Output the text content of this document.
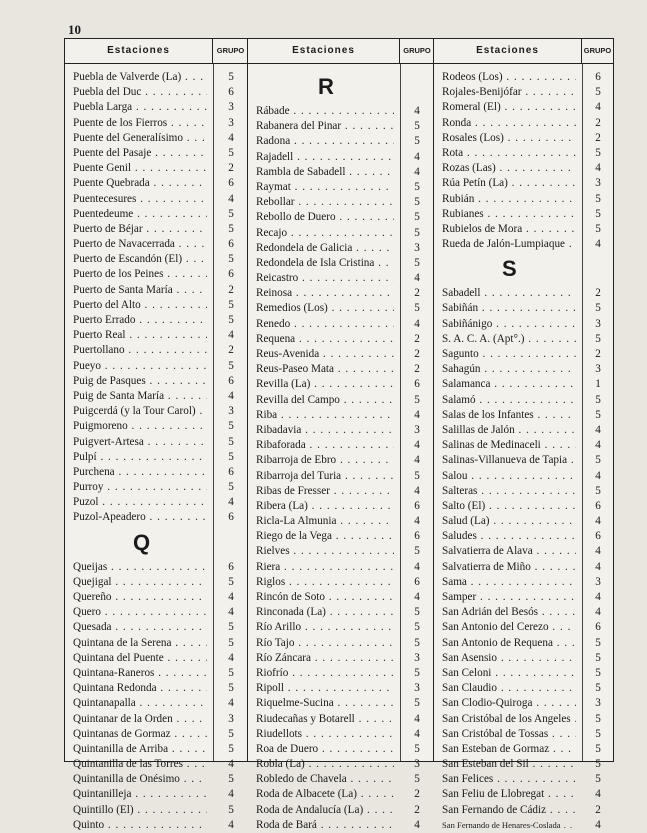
10
Estaciones	GRUPO
Puebla de Valverde (La) . . .	5
Puebla del Duc . . .	6
Puebla Larga . . .	3
Puente de los Fierros . . .	3
Puente del Generalísimo . . .	4
Puente del Pasaje . . .	5
Puente Genil . . .	2
Puente Quebrada . . .	6
Puentecesures . . .	4
Puentedeume . . .	5
Puerto de Béjar . . .	5
Puerto de Navacerrada . . .	6
Puerto de Escandón (El) . . .	5
Puerto de los Peines . . .	6
Puerto de Santa María . . .	2
Puerto del Alto . . .	5
Puerto Errado . . .	5
Puerto Real . . .	4
Puertollano . . .	2
Pueyo . . .	5
Puig de Pasques . . .	6
Puig de Santa María . . .	4
Puigcerdá (y la Tour Carol) . . .	3
Puigmoreno . . .	5
Puigvert-Artesa . . .	5
Pulpí . . .	5
Purchena . . .	6
Purroy . . .	5
Puzol . . .	4
Puzol-Apeadero . . .	6
Q
Queijas . . .	6
Quejigal . . .	5
Quereño . . .	4
Quero . . .	4
Quesada . . .	5
Quintana de la Serena . . .	5
Quintana del Puente . . .	4
Quintana-Raneros . . .	5
Quintana Redonda . . .	5
Quintanapalla . . .	4
Quintanar de la Orden . . .	3
Quintanas de Gormaz . . .	5
Quintanilla de Arriba . . .	5
Quintanilla de las Torres . . .	4
Quintanilla de Onésimo . . .	5
Quintanilleja . . .	4
Quintillo (El) . . .	5
Quinto . . .	4
Estaciones	GRUPO
R
Rábade . . .	4
Rabanera del Pinar . . .	5
Radona . . .	5
Rajadell . . .	4
Rambla de Sabadell . . .	4
Raymat . . .	5
Rebollar . . .	5
Rebollo de Duero . . .	5
Recajo . . .	5
Redondela de Galicia . . .	3
Redondela de Isla Cristina . . .	5
Reicastro . . .	4
Reinosa . . .	2
Remedios (Los) . . .	5
Renedo . . .	4
Requena . . .	2
Reus-Avenida . . .	2
Reus-Paseo Mata . . .	2
Revilla (La) . . .	6
Revilla del Campo . . .	5
Riba . . .	4
Ribadavia . . .	3
Ribaforada . . .	4
Ribarroja de Ebro . . .	4
Ribarroja del Turia . . .	5
Ribas de Fresser . . .	4
Ribera (La) . . .	6
Ricla-La Almunia . . .	4
Riego de la Vega . . .	6
Rielves . . .	5
Riera . . .	4
Riglos . . .	6
Rincón de Soto . . .	4
Rinconada (La) . . .	5
Río Arillo . . .	5
Río Tajo . . .	5
Río Záncara . . .	3
Riofrío . . .	5
Ripoll . . .	3
Riquelme-Sucina . . .	5
Riudecañas y Botarell . . .	4
Riudellots . . .	4
Roa de Duero . . .	5
Robla (La) . . .	3
Robledo de Chavela . . .	5
Roda de Albacete (La) . . .	2
Roda de Andalucía (La) . . .	2
Roda de Bará . . .	4
Estaciones	GRUPO
Rodeos (Los) . . .	6
Rojales-Benijófar . . .	5
Romeral (El) . . .	4
Ronda . . .	2
Rosales (Los) . . .	2
Rota . . .	5
Rozas (Las) . . .	4
Rúa Petín (La) . . .	3
Rubián . . .	5
Rubianes . . .	5
Rubielos de Mora . . .	5
Rueda de Jalón-Lumpiaque . . .	4
S
Sabadell . . .	2
Sabiñán . . .	5
Sabiñánigo . . .	3
S. A. C. A. (Apt°.) . . .	5
Sagunto . . .	2
Sahagún . . .	3
Salamanca . . .	1
Salamó . . .	5
Salas de los Infantes . . .	5
Salillas de Jalón . . .	4
Salinas de Medinaceli . . .	4
Salinas-Villanueva de Tapia . . .	5
Salou . . .	4
Salteras . . .	5
Salto (El) . . .	6
Salud (La) . . .	4
Saludes . . .	6
Salvatierra de Alava . . .	4
Salvatierra de Miño . . .	4
Sama . . .	3
Samper . . .	4
San Adrián del Besós . . .	4
San Antonio del Cerezo . . .	6
San Antonio de Requena . . .	5
San Asensio . . .	5
San Celoni . . .	5
San Claudio . . .	5
San Clodio-Quiroga . . .	3
San Cristóbal de los Angeles . . .	5
San Cristóbal de Tossas . . .	5
San Esteban de Gormaz . . .	5
San Esteban del Sil . . .	5
San Felices . . .	5
San Feliu de Llobregat . . .	4
San Fernando de Cádiz . . .	2
San Fernando de Henares-Coslada . . .	4
